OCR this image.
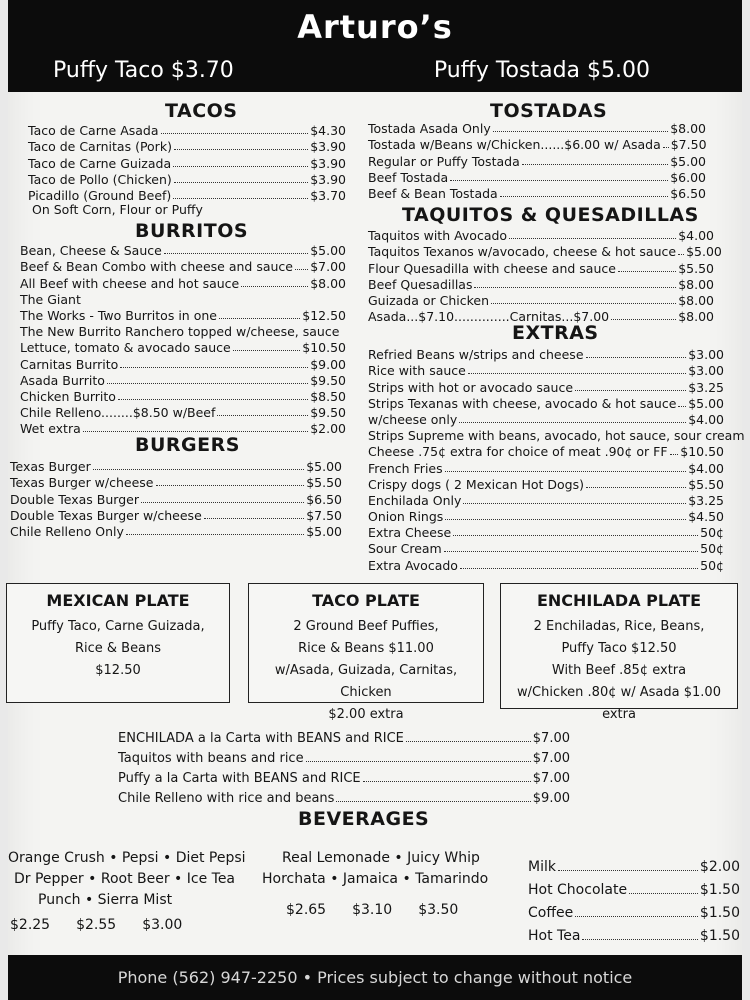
Arturo’s
Puffy Taco $3.70	Puffy Tostada $5.00
TACOS
Taco de Carne Asada	$4.30
Taco de Carnitas (Pork)	$3.90
Taco de Carne Guizada	$3.90
Taco de Pollo (Chicken)	$3.90
Picadillo (Ground Beef)	$3.70
On Soft Corn, Flour or Puffy
BURRITOS
Bean, Cheese & Sauce	$5.00
Beef & Bean Combo with cheese and sauce $7.00
All Beef with cheese and hot sauce	$8.00
The Giant
The Works - Two Burritos in one	$12.50
The New Burrito Ranchero topped w/cheese, sauce
Lettuce, tomato & avocado sauce	$10.50
Carnitas Burrito	$9.00
Asada Burrito	$9.50
Chicken Burrito	$8.50
Chile Relleno........$8.50 w/Beef	$9.50
Wet extra	$2.00
BURGERS
Texas Burger	$5.00
Texas Burger w/cheese	$5.50
Double Texas Burger	$6.50
Double Texas Burger w/cheese	$7.50
Chile Relleno Only	$5.00
TOSTADAS
Tostada Asada Only	$8.00
Tostada w/Beans w/Chicken......$6.00 w/ Asada $7.50
Regular or Puffy Tostada	$5.00
Beef Tostada	$6.00
Beef & Bean Tostada	$6.50
TAQUITOS & QUESADILLAS
Taquitos with Avocado	$4.00
Taquitos Texanos w/avocado, cheese & hot sauce $5.00
Flour Quesadilla with cheese and sauce	$5.50
Beef Quesadillas	$8.00
Guizada or Chicken	$8.00
Asada...$7.10..............Carnitas...$7.00	$8.00
EXTRAS
Refried Beans w/strips and cheese	$3.00
Rice with sauce	$3.00
Strips with hot or avocado sauce	$3.25
Strips Texanas with cheese, avocado & hot sauce $5.00
w/cheese only	$4.00
Strips Supreme with beans, avocado, hot sauce, sour cream
Cheese .75¢ extra for choice of meat .90¢ or FF $10.50
French Fries	$4.00
Crispy dogs ( 2 Mexican Hot Dogs)	$5.50
Enchilada Only	$3.25
Onion Rings	$4.50
Extra Cheese	50¢
Sour Cream	50¢
Extra Avocado	50¢
MEXICAN PLATE
Puffy Taco, Carne Guizada,
Rice & Beans
$12.50
TACO PLATE
2 Ground Beef Puffies,
Rice & Beans $11.00
w/Asada, Guizada, Carnitas, Chicken
$2.00 extra
ENCHILADA PLATE
2 Enchiladas, Rice, Beans,
Puffy Taco $12.50
With Beef .85¢ extra
w/Chicken .80¢ w/ Asada $1.00 extra
ENCHILADA a la Carta with BEANS and RICE	$7.00
Taquitos with beans and rice	$7.00
Puffy a la Carta with BEANS and RICE	$7.00
Chile Relleno with rice and beans	$9.00
BEVERAGES
Orange Crush • Pepsi • Diet Pepsi
Dr Pepper • Root Beer • Ice Tea
Punch • Sierra Mist
$2.25 $2.55 $3.00
Real Lemonade • Juicy Whip
Horchata • Jamaica • Tamarindo
$2.65 $3.10 $3.50
Milk	$2.00
Hot Chocolate	$1.50
Coffee	$1.50
Hot Tea	$1.50
Phone (562) 947-2250 • Prices subject to change without notice
